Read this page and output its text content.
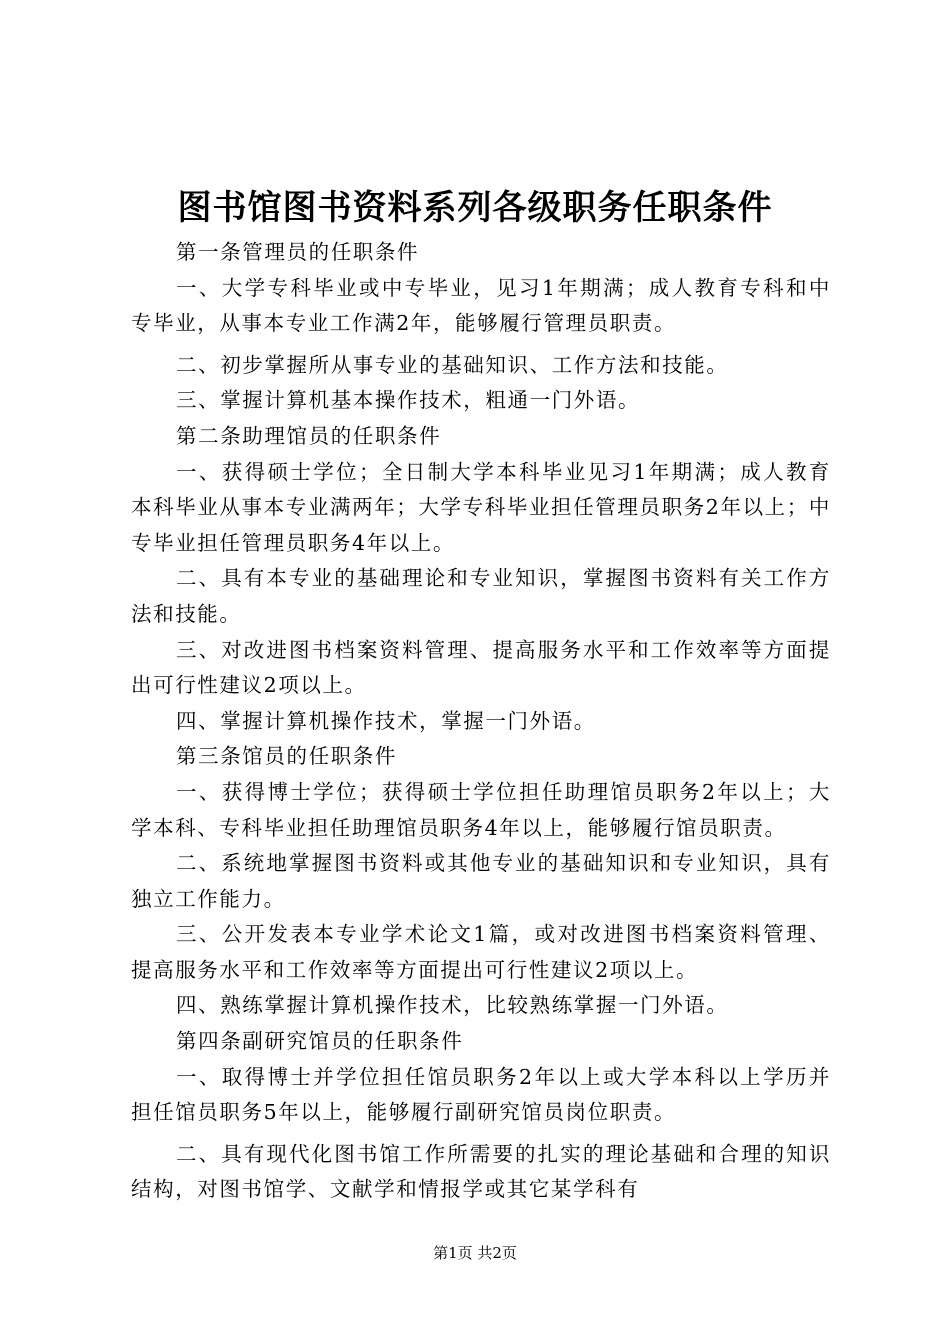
图书馆图书资料系列各级职务任职条件

第一条管理员的任职条件

一、大学专科毕业或中专毕业，见习1年期满；成人教育专科和中专毕业，从事本专业工作满2年，能够履行管理员职责。

二、初步掌握所从事专业的基础知识、工作方法和技能。

三、掌握计算机基本操作技术，粗通一门外语。

第二条助理馆员的任职条件

一、获得硕士学位；全日制大学本科毕业见习1年期满；成人教育本科毕业从事本专业满两年；大学专科毕业担任管理员职务2年以上；中专毕业担任管理员职务4年以上。

二、具有本专业的基础理论和专业知识，掌握图书资料有关工作方法和技能。

三、对改进图书档案资料管理、提高服务水平和工作效率等方面提出可行性建议2项以上。

四、掌握计算机操作技术，掌握一门外语。

第三条馆员的任职条件

一、获得博士学位；获得硕士学位担任助理馆员职务2年以上；大学本科、专科毕业担任助理馆员职务4年以上，能够履行馆员职责。

二、系统地掌握图书资料或其他专业的基础知识和专业知识，具有独立工作能力。

三、公开发表本专业学术论文1篇，或对改进图书档案资料管理、提高服务水平和工作效率等方面提出可行性建议2项以上。

四、熟练掌握计算机操作技术，比较熟练掌握一门外语。

第四条副研究馆员的任职条件

一、取得博士并学位担任馆员职务2年以上或大学本科以上学历并担任馆员职务5年以上，能够履行副研究馆员岗位职责。

二、具有现代化图书馆工作所需要的扎实的理论基础和合理的知识结构，对图书馆学、文献学和情报学或其它某学科有

第1页 共2页
